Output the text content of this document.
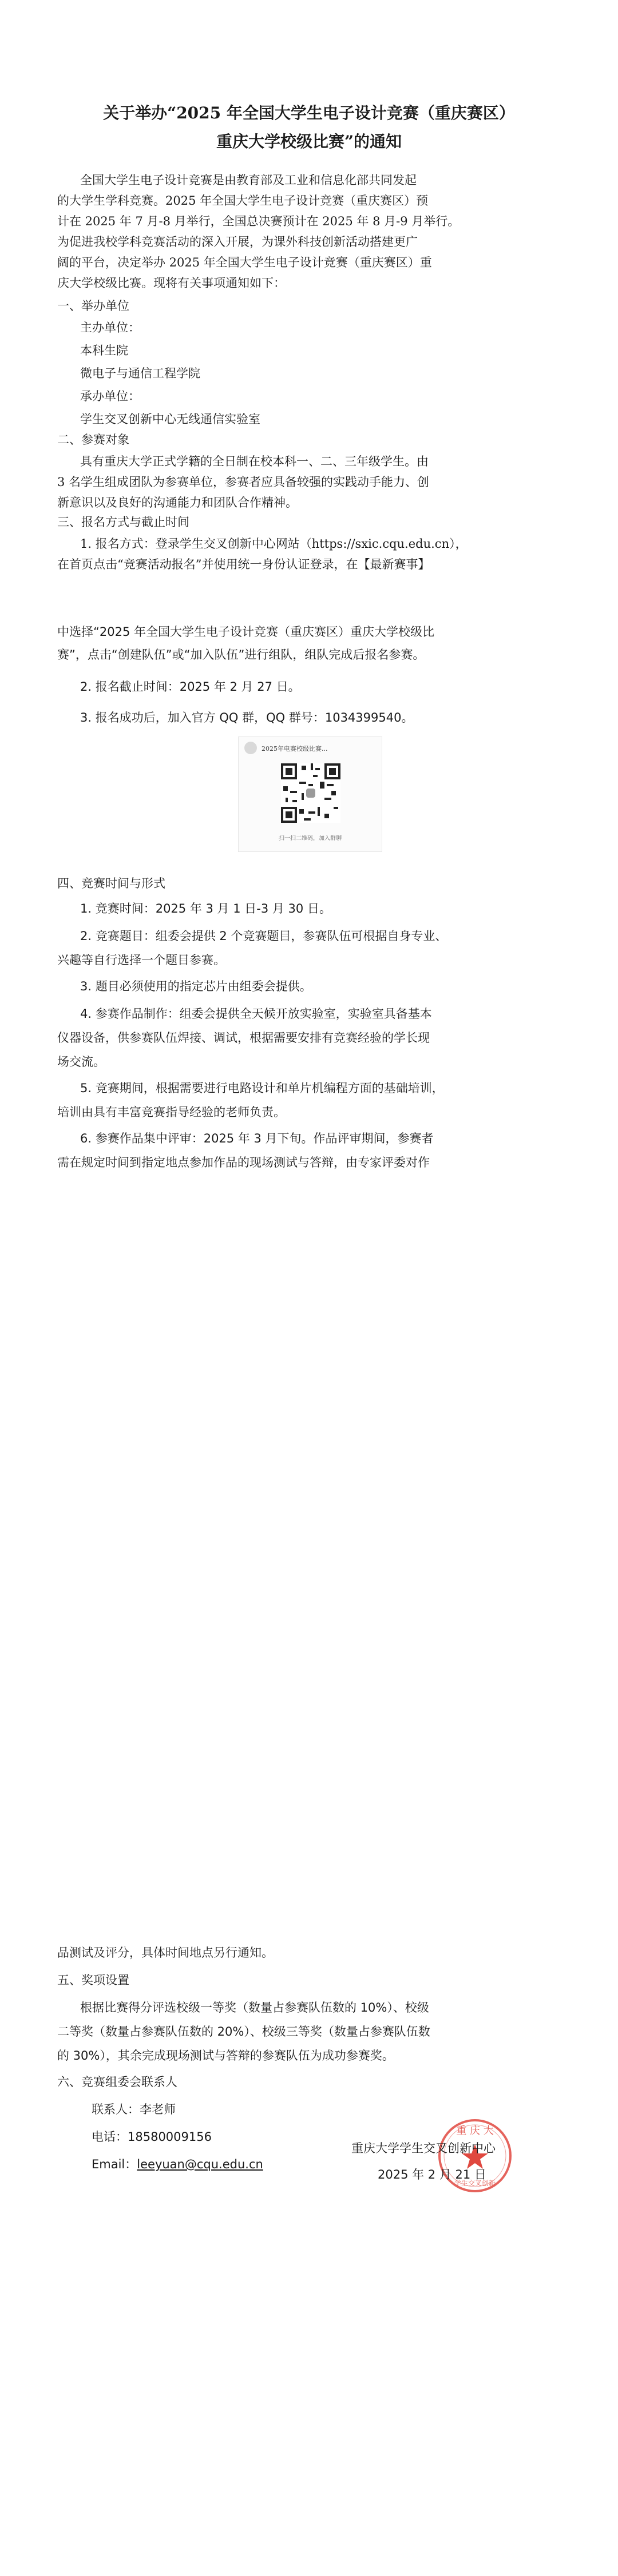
关于举办“2025 年全国大学生电子设计竞赛（重庆赛区）
重庆大学校级比赛”的通知
全国大学生电子设计竞赛是由教育部及工业和信息化部共同发起
的大学生学科竞赛。2025 年全国大学生电子设计竞赛（重庆赛区）预
计在 2025 年 7 月-8 月举行，全国总决赛预计在 2025 年 8 月-9 月举行。
为促进我校学科竞赛活动的深入开展，为课外科技创新活动搭建更广
阔的平台，决定举办 2025 年全国大学生电子设计竞赛（重庆赛区）重
庆大学校级比赛。现将有关事项通知如下：
一、举办单位
主办单位：
本科生院
微电子与通信工程学院
承办单位：
学生交叉创新中心无线通信实验室
二、参赛对象
具有重庆大学正式学籍的全日制在校本科一、二、三年级学生。由
3 名学生组成团队为参赛单位，参赛者应具备较强的实践动手能力、创
新意识以及良好的沟通能力和团队合作精神。
三、报名方式与截止时间
1. 报名方式：登录学生交叉创新中心网站（https://sxic.cqu.edu.cn），
在首页点击“竞赛活动报名”并使用统一身份认证登录，在【最新赛事】
中选择“2025 年全国大学生电子设计竞赛（重庆赛区）重庆大学校级比
赛”，点击“创建队伍”或“加入队伍”进行组队，组队完成后报名参赛。
2. 报名截止时间：2025 年 2 月 27 日。
3. 报名成功后，加入官方 QQ 群，QQ 群号：1034399540。
2025年电赛校级比赛...
扫一扫二维码，加入群聊
四、竞赛时间与形式
1. 竞赛时间：2025 年 3 月 1 日-3 月 30 日。
2. 竞赛题目：组委会提供 2 个竞赛题目，参赛队伍可根据自身专业、
兴趣等自行选择一个题目参赛。
3. 题目必须使用的指定芯片由组委会提供。
4. 参赛作品制作：组委会提供全天候开放实验室，实验室具备基本
仪器设备，供参赛队伍焊接、调试，根据需要安排有竞赛经验的学长现
场交流。
5. 竞赛期间，根据需要进行电路设计和单片机编程方面的基础培训，
培训由具有丰富竞赛指导经验的老师负责。
6. 参赛作品集中评审：2025 年 3 月下旬。作品评审期间，参赛者
需在规定时间到指定地点参加作品的现场测试与答辩，由专家评委对作
品测试及评分，具体时间地点另行通知。
五、奖项设置
根据比赛得分评选校级一等奖（数量占参赛队伍数的 10%）、校级
二等奖（数量占参赛队伍数的 20%）、校级三等奖（数量占参赛队伍数
的 30%），其余完成现场测试与答辩的参赛队伍为成功参赛奖。
六、竞赛组委会联系人
联系人：李老师
电话：18580009156
Email：leeyuan@cqu.edu.cn
重 庆 大
学生交叉创新
重庆大学学生交叉创新中心
2025 年 2 月 21 日
